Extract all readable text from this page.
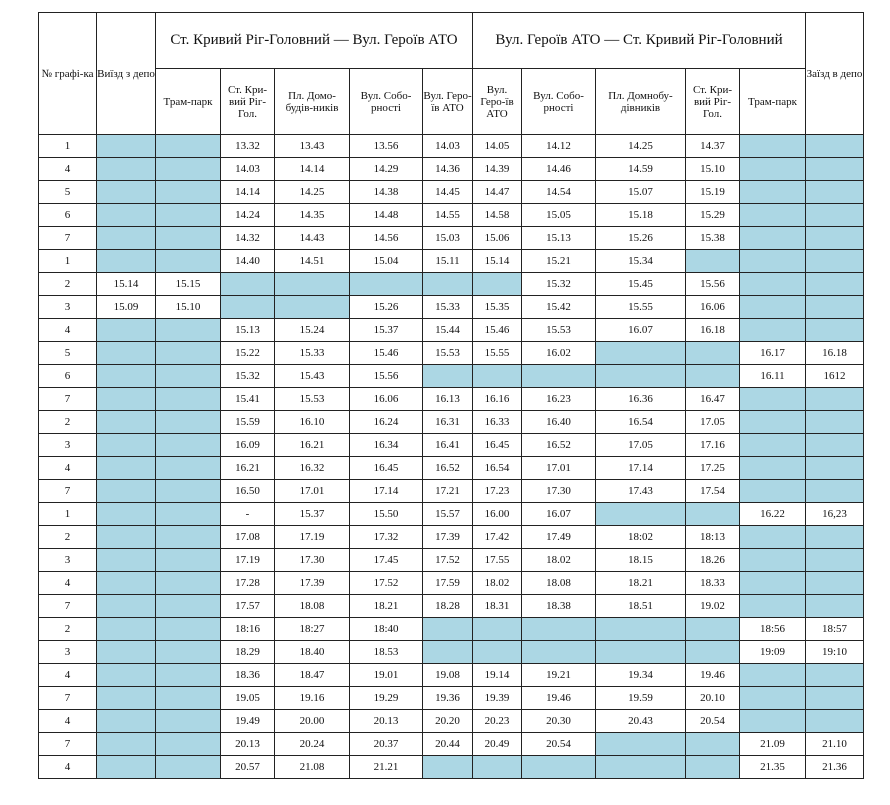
№ графі-ка	Виїзд з депо	Ст. Кривий Ріг-Головний — Вул. Героїв АТО					Вул. Героїв АТО — Ст. Кривий Ріг-Головний					Заїзд в депо
		Трам-парк	Ст. Кри-вий Ріг-Гол.	Пл. Домо-будів-ників	Вул. Собо-рності	Вул. Геро-їв АТО	Вул. Геро-їв АТО	Вул. Собо-рності	Пл. Домнобу-дівників	Ст. Кри-вий Ріг-Гол.	Трам-парк	
1			13.32	13.43	13.56	14.03	14.05	14.12	14.25	14.37		
4			14.03	14.14	14.29	14.36	14.39	14.46	14.59	15.10		
5			14.14	14.25	14.38	14.45	14.47	14.54	15.07	15.19		
6			14.24	14.35	14.48	14.55	14.58	15.05	15.18	15.29		
7			14.32	14.43	14.56	15.03	15.06	15.13	15.26	15.38		
1			14.40	14.51	15.04	15.11	15.14	15.21	15.34			
2	15.14	15.15						15.32	15.45	15.56		
3	15.09	15.10			15.26	15.33	15.35	15.42	15.55	16.06		
4			15.13	15.24	15.37	15.44	15.46	15.53	16.07	16.18		
5			15.22	15.33	15.46	15.53	15.55	16.02			16.17	16.18
6			15.32	15.43	15.56						16.11	1612
7			15.41	15.53	16.06	16.13	16.16	16.23	16.36	16.47		
2			15.59	16.10	16.24	16.31	16.33	16.40	16.54	17.05		
3			16.09	16.21	16.34	16.41	16.45	16.52	17.05	17.16		
4			16.21	16.32	16.45	16.52	16.54	17.01	17.14	17.25		
7			16.50	17.01	17.14	17.21	17.23	17.30	17.43	17.54		
1			-	15.37	15.50	15.57	16.00	16.07			16.22	16,23
2			17.08	17.19	17.32	17.39	17.42	17.49	18:02	18:13		
3			17.19	17.30	17.45	17.52	17.55	18.02	18.15	18.26		
4			17.28	17.39	17.52	17.59	18.02	18.08	18.21	18.33		
7			17.57	18.08	18.21	18.28	18.31	18.38	18.51	19.02		
2			18:16	18:27	18:40						18:56	18:57
3			18.29	18.40	18.53						19:09	19:10
4			18.36	18.47	19.01	19.08	19.14	19.21	19.34	19.46		
7			19.05	19.16	19.29	19.36	19.39	19.46	19.59	20.10		
4			19.49	20.00	20.13	20.20	20.23	20.30	20.43	20.54		
7			20.13	20.24	20.37	20.44	20.49	20.54			21.09	21.10
4			20.57	21.08	21.21						21.35	21.36
